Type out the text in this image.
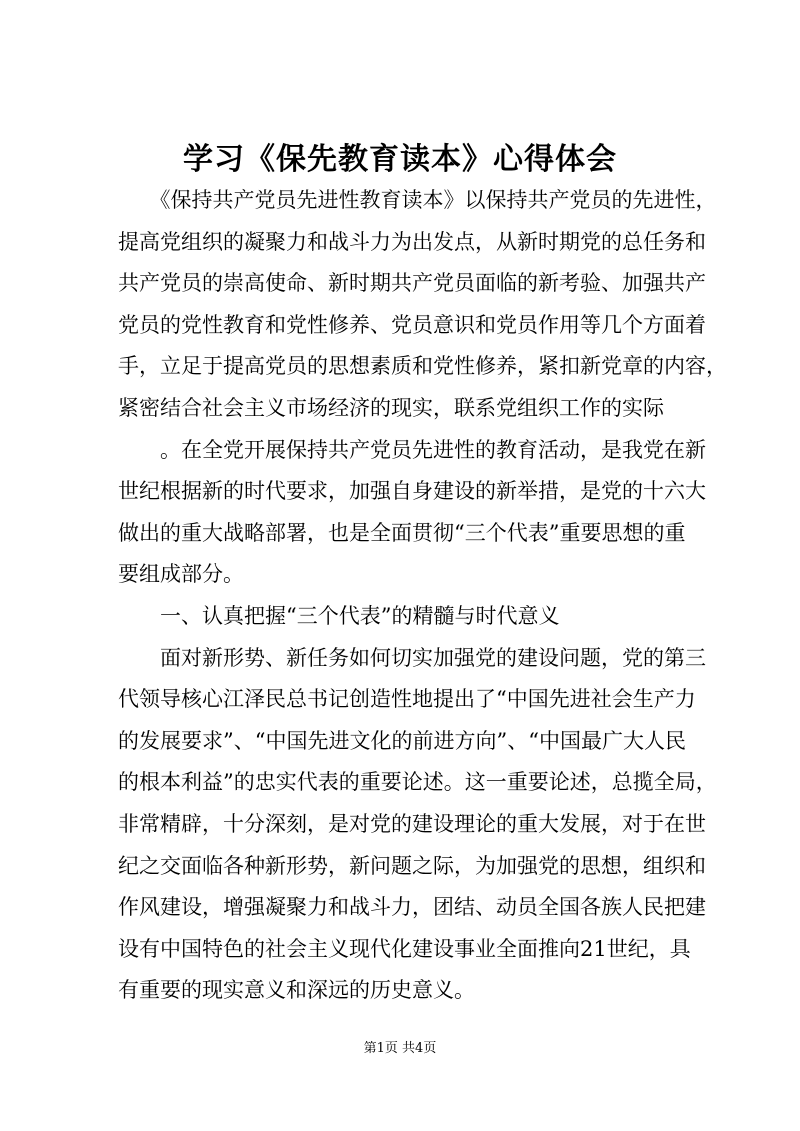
学习《保先教育读本》心得体会
　　《保持共产党员先进性教育读本》以保持共产党员的先进性，
提高党组织的凝聚力和战斗力为出发点，从新时期党的总任务和
共产党员的崇高使命、新时期共产党员面临的新考验、加强共产
党员的党性教育和党性修养、党员意识和党员作用等几个方面着
手，立足于提高党员的思想素质和党性修养，紧扣新党章的内容，
紧密结合社会主义市场经济的现实，联系党组织工作的实际
　　。在全党开展保持共产党员先进性的教育活动，是我党在新
世纪根据新的时代要求，加强自身建设的新举措，是党的十六大
做出的重大战略部署，也是全面贯彻“三个代表”重要思想的重
要组成部分。
　　一、认真把握“三个代表”的精髓与时代意义
　　面对新形势、新任务如何切实加强党的建设问题，党的第三
代领导核心江泽民总书记创造性地提出了“中国先进社会生产力
的发展要求”、“中国先进文化的前进方向”、“中国最广大人民
的根本利益”的忠实代表的重要论述。这一重要论述，总揽全局，
非常精辟，十分深刻，是对党的建设理论的重大发展，对于在世
纪之交面临各种新形势，新问题之际，为加强党的思想，组织和
作风建设，增强凝聚力和战斗力，团结、动员全国各族人民把建
设有中国特色的社会主义现代化建设事业全面推向21世纪，具
有重要的现实意义和深远的历史意义。
第1页 共4页
